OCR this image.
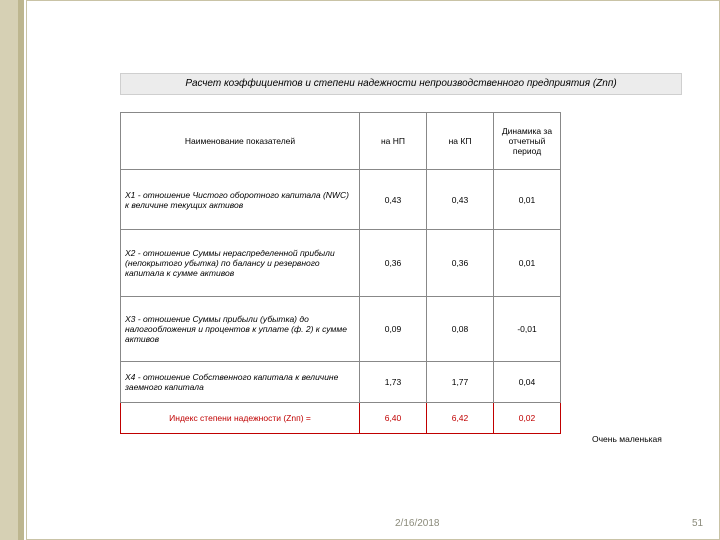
Расчет коэффициентов и степени надежности непроизводственного предприятия (Znп)
Наименование показателей	на НП	на КП	Динамика за отчетный период
X1 - отношение Чистого оборотного капитала (NWC) к величине текущих активов	0,43	0,43	0,01
X2 - отношение Суммы нераспределенной прибыли (непокрытого убытка) по балансу и резервного капитала к сумме активов	0,36	0,36	0,01
X3 - отношение Суммы прибыли (убытка) до налогообложения и процентов к уплате (ф. 2) к сумме активов	0,09	0,08	-0,01
X4 - отношение Собственного капитала к величине заемного капитала	1,73	1,77	0,04
Индекс степени надежности (Znп) =	6,40	6,42	0,02
Очень маленькая
2/16/2018	51
